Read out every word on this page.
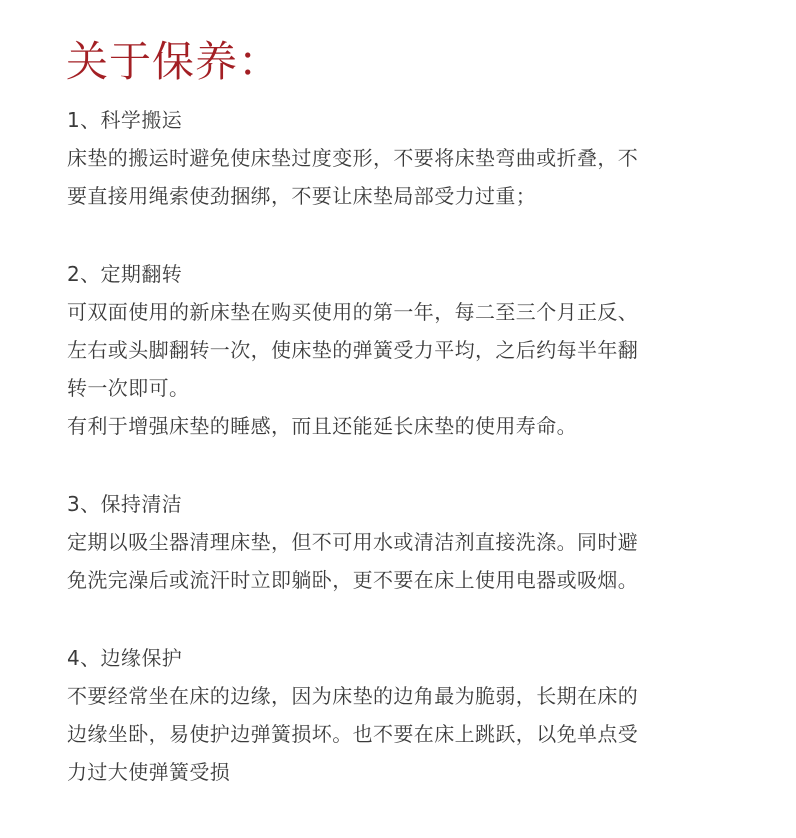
关于保养：
1、科学搬运
床垫的搬运时避免使床垫过度变形，不要将床垫弯曲或折叠，不
要直接用绳索使劲捆绑，不要让床垫局部受力过重；
2、定期翻转
可双面使用的新床垫在购买使用的第一年，每二至三个月正反、
左右或头脚翻转一次，使床垫的弹簧受力平均，之后约每半年翻
转一次即可。
有利于增强床垫的睡感，而且还能延长床垫的使用寿命。
3、保持清洁
定期以吸尘器清理床垫，但不可用水或清洁剂直接洗涤。同时避
免洗完澡后或流汗时立即躺卧，更不要在床上使用电器或吸烟。
4、边缘保护
不要经常坐在床的边缘，因为床垫的边角最为脆弱，长期在床的
边缘坐卧，易使护边弹簧损坏。也不要在床上跳跃，以免单点受
力过大使弹簧受损
